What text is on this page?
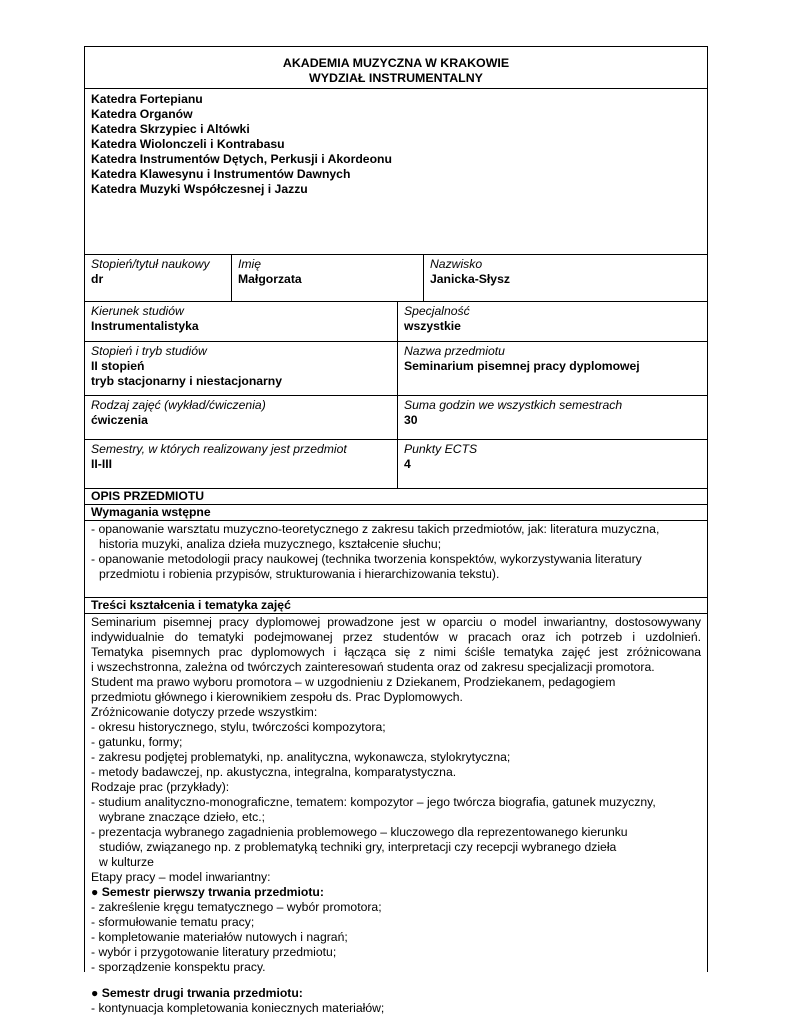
AKADEMIA MUZYCZNA W KRAKOWIE
WYDZIAŁ INSTRUMENTALNY
Katedra Fortepianu
Katedra Organów
Katedra Skrzypiec i Altówki
Katedra Wiolonczeli i Kontrabasu
Katedra Instrumentów Dętych, Perkusji i Akordeonu
Katedra Klawesynu i Instrumentów Dawnych
Katedra Muzyki Współczesnej i Jazzu
Stopień/tytuł naukowy
dr
Imię
Małgorzata
Nazwisko
Janicka-Słysz
Kierunek studiów
Instrumentalistyka
Specjalność
wszystkie
Stopień i tryb studiów
II stopień
tryb stacjonarny i niestacjonarny
Nazwa przedmiotu
Seminarium pisemnej pracy dyplomowej
Rodzaj zajęć (wykład/ćwiczenia)
ćwiczenia
Suma godzin we wszystkich semestrach
30
Semestry, w których realizowany jest przedmiot
II-III
Punkty ECTS
4
OPIS PRZEDMIOTU
Wymagania wstępne
- opanowanie warsztatu muzyczno-teoretycznego z zakresu takich przedmiotów, jak: literatura muzyczna,
historia muzyki, analiza dzieła muzycznego, kształcenie słuchu;
- opanowanie metodologii pracy naukowej (technika tworzenia konspektów, wykorzystywania literatury
przedmiotu i robienia przypisów, strukturowania i hierarchizowania tekstu).
Treści kształcenia i tematyka zajęć
Seminarium pisemnej pracy dyplomowej prowadzone jest w oparciu o model inwariantny, dostosowywany
indywidualnie do tematyki podejmowanej przez studentów w pracach oraz ich potrzeb i uzdolnień.
Tematyka pisemnych prac dyplomowych i łącząca się z nimi ściśle tematyka zajęć jest zróżnicowana
i wszechstronna, zależna od twórczych zainteresowań studenta oraz od zakresu specjalizacji promotora.
Student ma prawo wyboru promotora – w uzgodnieniu z Dziekanem, Prodziekanem, pedagogiem
przedmiotu głównego i kierownikiem zespołu ds. Prac Dyplomowych.
Zróżnicowanie dotyczy przede wszystkim:
- okresu historycznego, stylu, twórczości kompozytora;
- gatunku, formy;
- zakresu podjętej problematyki, np. analityczna, wykonawcza, stylokrytyczna;
- metody badawczej, np. akustyczna, integralna, komparatystyczna.
Rodzaje prac (przykłady):
- studium analityczno-monograficzne, tematem: kompozytor – jego twórcza biografia, gatunek muzyczny,
wybrane znaczące dzieło, etc.;
- prezentacja wybranego zagadnienia problemowego – kluczowego dla reprezentowanego kierunku
studiów, związanego np. z problematyką techniki gry, interpretacji czy recepcji wybranego dzieła
w kulturze
Etapy pracy – model inwariantny:
● Semestr pierwszy trwania przedmiotu:
- zakreślenie kręgu tematycznego – wybór promotora;
- sformułowanie tematu pracy;
- kompletowanie materiałów nutowych i nagrań;
- wybór i przygotowanie literatury przedmiotu;
- sporządzenie konspektu pracy.
● Semestr drugi trwania przedmiotu:
- kontynuacja kompletowania koniecznych materiałów;
